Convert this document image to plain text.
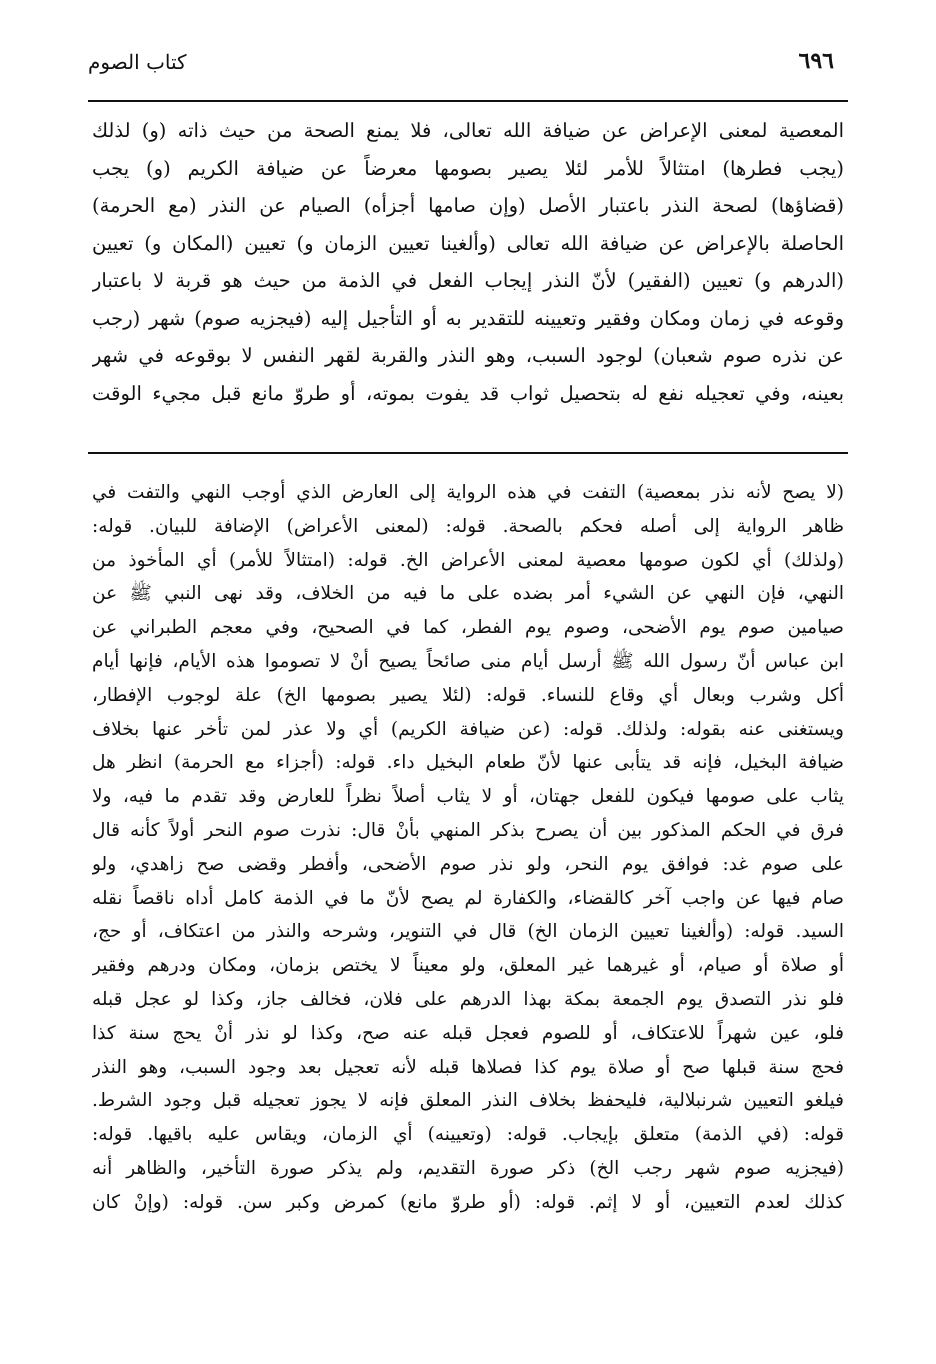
٦٩٦
كتاب الصوم
المعصية لمعنى الإعراض عن ضيافة الله تعالى، فلا يمنع الصحة من حيث ذاته (و) لذلك
(يجب فطرها) امتثالاً للأمر لئلا يصير بصومها معرضاً عن ضيافة الكريم (و) يجب
(قضاؤها) لصحة النذر باعتبار الأصل (وإن صامها أجزأه) الصيام عن النذر (مع الحرمة)
الحاصلة بالإعراض عن ضيافة الله تعالى (وألغينا تعيين الزمان و) تعيين (المكان و) تعيين
(الدرهم و) تعيين (الفقير) لأنّ النذر إيجاب الفعل في الذمة من حيث هو قربة لا باعتبار
وقوعه في زمان ومكان وفقير وتعيينه للتقدير به أو التأجيل إليه (فيجزيه صوم) شهر (رجب
عن نذره صوم شعبان) لوجود السبب، وهو النذر والقربة لقهر النفس لا بوقوعه في شهر
بعينه، وفي تعجيله نفع له بتحصيل ثواب قد يفوت بموته، أو طروّ مانع قبل مجيء الوقت
(لا يصح لأنه نذر بمعصية) التفت في هذه الرواية إلى العارض الذي أوجب النهي والتفت في
ظاهر الرواية إلى أصله فحكم بالصحة. قوله: (لمعنى الأعراض) الإضافة للبيان. قوله:
(ولذلك) أي لكون صومها معصية لمعنى الأعراض الخ. قوله: (امتثالاً للأمر) أي المأخوذ من
النهي، فإن النهي عن الشيء أمر بضده على ما فيه من الخلاف، وقد نهى النبي ﷺ عن
صيامين صوم يوم الأضحى، وصوم يوم الفطر، كما في الصحيح، وفي معجم الطبراني عن
ابن عباس أنّ رسول الله ﷺ أرسل أيام منى صائحاً يصيح أنْ لا تصوموا هذه الأيام، فإنها أيام
أكل وشرب وبعال أي وقاع للنساء. قوله: (لئلا يصير بصومها الخ) علة لوجوب الإفطار،
ويستغنى عنه بقوله: ولذلك. قوله: (عن ضيافة الكريم) أي ولا عذر لمن تأخر عنها بخلاف
ضيافة البخيل، فإنه قد يتأبى عنها لأنّ طعام البخيل داء. قوله: (أجزاء مع الحرمة) انظر هل
يثاب على صومها فيكون للفعل جهتان، أو لا يثاب أصلاً نظراً للعارض وقد تقدم ما فيه، ولا
فرق في الحكم المذكور بين أن يصرح بذكر المنهي بأنْ قال: نذرت صوم النحر أولاً كأنه قال
على صوم غد: فوافق يوم النحر، ولو نذر صوم الأضحى، وأفطر وقضى صح زاهدي، ولو
صام فيها عن واجب آخر كالقضاء، والكفارة لم يصح لأنّ ما في الذمة كامل أداه ناقصاً نقله
السيد. قوله: (وألغينا تعيين الزمان الخ) قال في التنوير، وشرحه والنذر من اعتكاف، أو حج،
أو صلاة أو صيام، أو غيرهما غير المعلق، ولو معيناً لا يختص بزمان، ومكان ودرهم وفقير
فلو نذر التصدق يوم الجمعة بمكة بهذا الدرهم على فلان، فخالف جاز، وكذا لو عجل قبله
فلو، عين شهراً للاعتكاف، أو للصوم فعجل قبله عنه صح، وكذا لو نذر أنْ يحج سنة كذا
فحج سنة قبلها صح أو صلاة يوم كذا فصلاها قبله لأنه تعجيل بعد وجود السبب، وهو النذر
فيلغو التعيين شرنبلالية، فليحفظ بخلاف النذر المعلق فإنه لا يجوز تعجيله قبل وجود الشرط.
قوله: (في الذمة) متعلق بإيجاب. قوله: (وتعيينه) أي الزمان، ويقاس عليه باقيها. قوله:
(فيجزيه صوم شهر رجب الخ) ذكر صورة التقديم، ولم يذكر صورة التأخير، والظاهر أنه
كذلك لعدم التعيين، أو لا إثم. قوله: (أو طروّ مانع) كمرض وكبر سن. قوله: (وإنْ كان
